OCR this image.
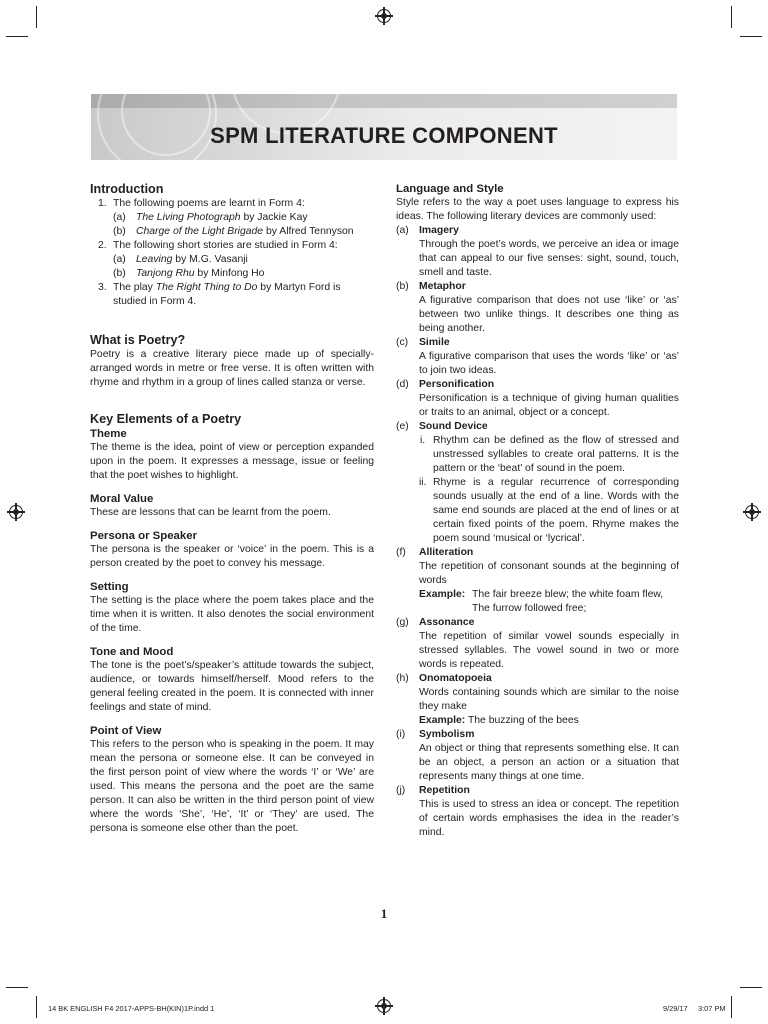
SPM LITERATURE COMPONENT
Introduction
1. The following poems are learnt in Form 4:
(a) The Living Photograph by Jackie Kay
(b) Charge of the Light Brigade by Alfred Tennyson
2. The following short stories are studied in Form 4:
(a) Leaving by M.G. Vasanji
(b) Tanjong Rhu by Minfong Ho
3. The play The Right Thing to Do by Martyn Ford is studied in Form 4.
What is Poetry?

Poetry is a creative literary piece made up of specially-arranged words in metre or free verse. It is often written with rhyme and rhythm in a group of lines called stanza or verse.

Key Elements of a Poetry
Theme

The theme is the idea, point of view or perception expanded upon in the poem. It expresses a message, issue or feeling that the poet wishes to highlight.

Moral Value

These are lessons that can be learnt from the poem.

Persona or Speaker

The persona is the speaker or ‘voice’ in the poem. This is a person created by the poet to convey his message.

Setting

The setting is the place where the poem takes place and the time when it is written. It also denotes the social environment of the time.

Tone and Mood

The tone is the poet’s/speaker’s attitude towards the subject, audience, or towards himself/herself. Mood refers to the general feeling created in the poem. It is connected with inner feelings and state of mind.

Point of View

This refers to the person who is speaking in the poem. It may mean the persona or someone else. It can be conveyed in the first person point of view where the words ‘I’ or ‘We’ are used. This means the persona and the poet are the same person. It can also be written in the third person point of view where the words ‘She’, ‘He’, ‘It’ or ‘They’ are used. The persona is someone else other than the poet.

Language and Style

Style refers to the way a poet uses language to express his ideas. The following literary devices are commonly used:

(a) Imagery

Through the poet’s words, we perceive an idea or image that can appeal to our five senses: sight, sound, touch, smell and taste.

(b) Metaphor

A figurative comparison that does not use ‘like’ or ‘as’ between two unlike things. It describes one thing as being another.

(c) Simile

A figurative comparison that uses the words ‘like’ or ‘as’ to join two ideas.

(d) Personification

Personification is a technique of giving human qualities or traits to an animal, object or a concept.

(e) Sound Device
i. Rhythm can be defined as the flow of stressed and unstressed syllables to create oral patterns. It is the pattern or the ‘beat’ of sound in the poem.

ii. Rhyme is a regular recurrence of corresponding sounds usually at the end of a line. Words with the same end sounds are placed at the end of lines or at certain fixed points of the poem. Rhyme makes the poem sound ‘musical or ‘lycrical’.

(f) Alliteration

The repetition of consonant sounds at the beginning of words

Example: The fair breeze blew; the white foam flew,
The furrow followed free;
(g) Assonance

The repetition of similar vowel sounds especially in stressed syllables. The vowel sound in two or more words is repeated.

(h) Onomatopoeia

Words containing sounds which are similar to the noise they make

Example: The buzzing of the bees
(i) Symbolism

An object or thing that represents something else. It can be an object, a person an action or a situation that represents many things at one time.

(j) Repetition

This is used to stress an idea or concept. The repetition of certain words emphasises the idea in the reader’s mind.

1
14 BK ENGLISH F4 2017-APPS-BH(KIN)1P.indd 1	9/29/17 3:07 PM
